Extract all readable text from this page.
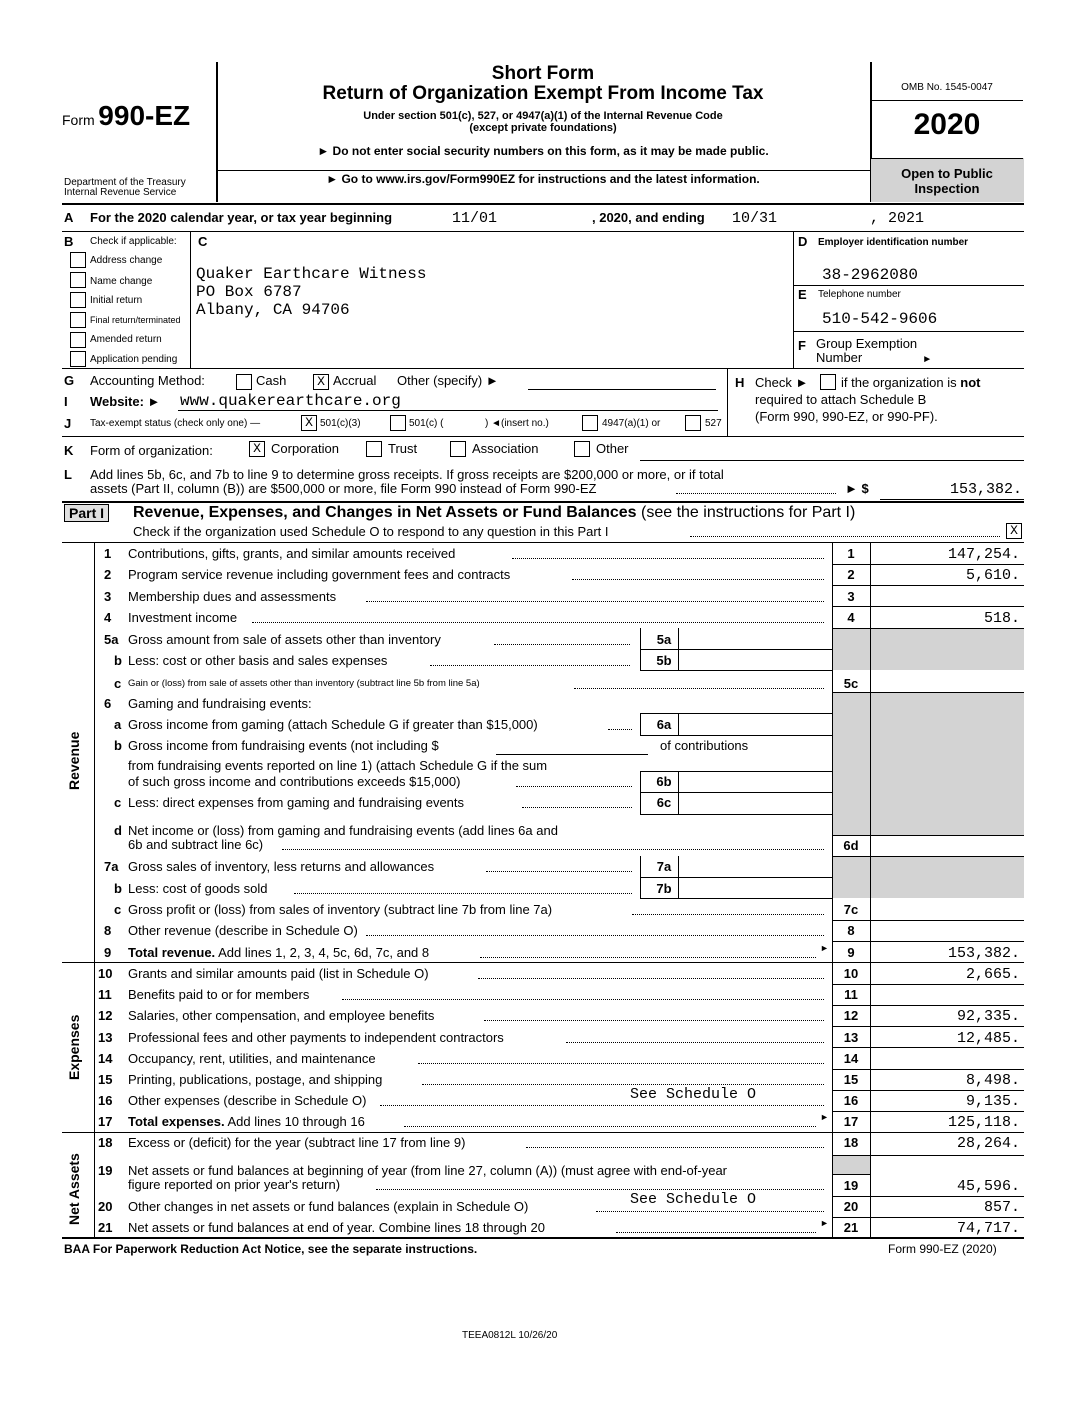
Form 990-EZ
Department of the Treasury
Internal Revenue Service
Short Form
Return of Organization Exempt From Income Tax
Under section 501(c), 527, or 4947(a)(1) of the Internal Revenue Code
(except private foundations)
► Do not enter social security numbers on this form, as it may be made public.
► Go to www.irs.gov/Form990EZ for instructions and the latest information.
OMB No. 1545-0047
2020
Open to Public
Inspection
A For the 2020 calendar year, or tax year beginning	11/01	, 2020, and ending 10/31	, 2021
B Check if applicable: C
Address change
Name change
Initial return
Final return/terminated
Amended return
Application pending
Quaker Earthcare Witness
PO Box 6787
Albany, CA 94706
D Employer identification number
38-2962080
E Telephone number
510-542-9606
F Group Exemption
Number	►
G Accounting Method:	Cash	X Accrual Other (specify) ►	H Check ►	if the organization is not
required to attach Schedule B
(Form 990, 990-EZ, or 990-PF).
I Website: ► www.quakerearthcare.org
J Tax-exempt status (check only one) —	X 501(c)(3)	501(c) (	) ◄(insert no.)	4947(a)(1) or	527
K Form of organization:	X Corporation	Trust	Association	Other
L Add lines 5b, 6c, and 7b to line 9 to determine gross receipts. If gross receipts are $200,000 or more, or if total
assets (Part II, column (B)) are $500,000 or more, file Form 990 instead of Form 990-EZ	► $	153,382.
Part I	Revenue, Expenses, and Changes in Net Assets or Fund Balances (see the instructions for Part I)
Check if the organization used Schedule O to respond to any question in this Part I	X
Revenue
Expenses
Net Assets
1 Contributions, gifts, grants, and similar amounts received	1	147,254.
2 Program service revenue including government fees and contracts	2	5,610.
3 Membership dues and assessments	3
4 Investment income	4	518.
5a Gross amount from sale of assets other than inventory	5a
b Less: cost or other basis and sales expenses	5b
c Gain or (loss) from sale of assets other than inventory (subtract line 5b from line 5a)	5c
6 Gaming and fundraising events:
a Gross income from gaming (attach Schedule G if greater than $15,000)	6a
b Gross income from fundraising events (not including $	of contributions
from fundraising events reported on line 1) (attach Schedule G if the sum
of such gross income and contributions exceeds $15,000)	6b
c Less: direct expenses from gaming and fundraising events	6c
d Net income or (loss) from gaming and fundraising events (add lines 6a and
6b and subtract line 6c)	6d
7a Gross sales of inventory, less returns and allowances	7a
b Less: cost of goods sold	7b
c Gross profit or (loss) from sales of inventory (subtract line 7b from line 7a)	7c
8 Other revenue (describe in Schedule O)	8
9 Total revenue. Add lines 1, 2, 3, 4, 5c, 6d, 7c, and 8	►	9	153,382.
10 Grants and similar amounts paid (list in Schedule O)	10	2,665.
11 Benefits paid to or for members	11
12 Salaries, other compensation, and employee benefits	12	92,335.
13 Professional fees and other payments to independent contractors	13	12,485.
14 Occupancy, rent, utilities, and maintenance	14
15 Printing, publications, postage, and shipping	15	8,498.
16 Other expenses (describe in Schedule O)	See Schedule O	16	9,135.
17 Total expenses. Add lines 10 through 16	►	17	125,118.
18 Excess or (deficit) for the year (subtract line 17 from line 9)	18	28,264.
19 Net assets or fund balances at beginning of year (from line 27, column (A)) (must agree with end-of-year
figure reported on prior year's return)	19	45,596.
20 Other changes in net assets or fund balances (explain in Schedule O)	See Schedule O	20	857.
21 Net assets or fund balances at end of year. Combine lines 18 through 20	►	21	74,717.
BAA For Paperwork Reduction Act Notice, see the separate instructions.	Form 990-EZ (2020)
TEEA0812L 10/26/20
